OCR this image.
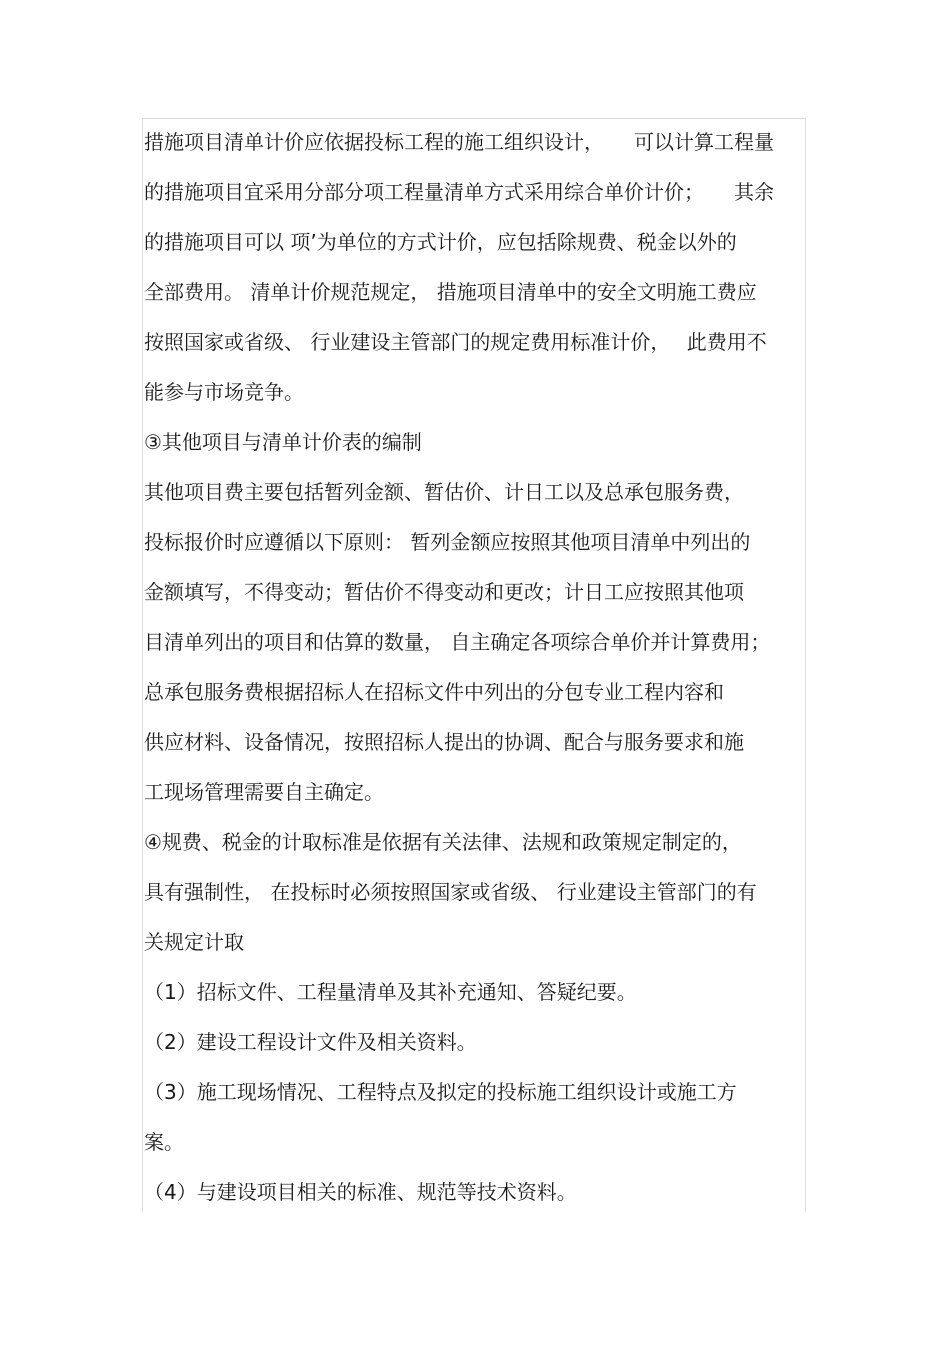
措施项目清单计价应依据投标工程的施工组织设计，　　可以计算工程量
的措施项目宜采用分部分项工程量清单方式采用综合单价计价；　　其余
的措施项目可以 项’为单位的方式计价，应包括除规费、税金以外的
全部费用。 清单计价规范规定， 措施项目清单中的安全文明施工费应
按照国家或省级、 行业建设主管部门的规定费用标准计价，　 此费用不
能参与市场竞争。
③其他项目与清单计价表的编制
其他项目费主要包括暂列金额、暂估价、计日工以及总承包服务费，
投标报价时应遵循以下原则： 暂列金额应按照其他项目清单中列出的
金额填写，不得变动；暂估价不得变动和更改；计日工应按照其他项
目清单列出的项目和估算的数量， 自主确定各项综合单价并计算费用；
总承包服务费根据招标人在招标文件中列出的分包专业工程内容和
供应材料、设备情况，按照招标人提出的协调、配合与服务要求和施
工现场管理需要自主确定。
④规费、税金的计取标准是依据有关法律、法规和政策规定制定的，
具有强制性， 在投标时必须按照国家或省级、 行业建设主管部门的有
关规定计取
（1）招标文件、工程量清单及其补充通知、答疑纪要。
（2）建设工程设计文件及相关资料。
（3）施工现场情况、工程特点及拟定的投标施工组织设计或施工方
案。
（4）与建设项目相关的标准、规范等技术资料。
